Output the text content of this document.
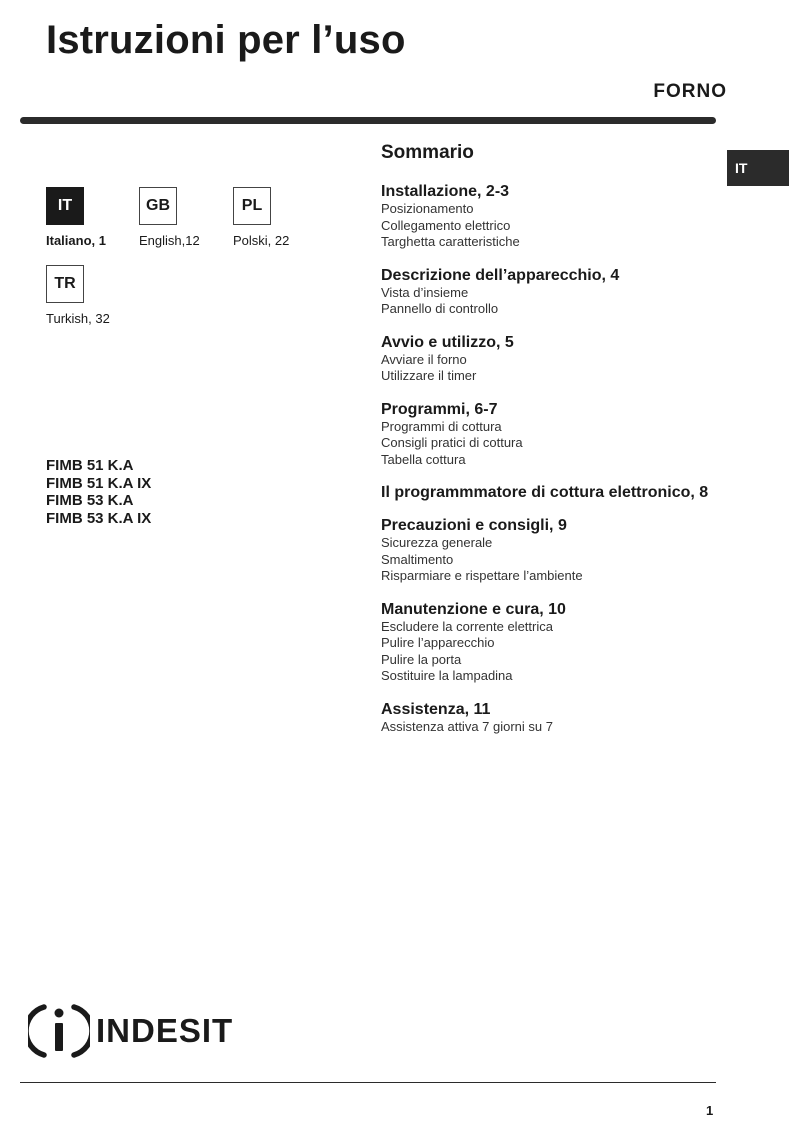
Istruzioni per l’uso
FORNO
IT
IT
Italiano, 1
GB
English,12
PL
Polski, 22
TR
Turkish, 32
FIMB 51 K.A
FIMB 51 K.A IX
FIMB 53 K.A
FIMB 53 K.A IX
Sommario
Installazione, 2-3
Posizionamento
Collegamento elettrico
Targhetta caratteristiche
Descrizione dell’apparecchio, 4
Vista d’insieme
Pannello di controllo
Avvio e utilizzo, 5
Avviare il forno
Utilizzare il timer
Programmi, 6-7
Programmi di cottura
Consigli pratici di cottura
Tabella cottura
Il programmmatore di cottura elettronico, 8
Precauzioni e consigli, 9
Sicurezza generale
Smaltimento
Risparmiare e rispettare l’ambiente
Manutenzione e cura, 10
Escludere la corrente elettrica
Pulire l’apparecchio
Pulire la porta
Sostituire la lampadina
Assistenza, 11
Assistenza attiva 7 giorni su 7
INDESIT
1
